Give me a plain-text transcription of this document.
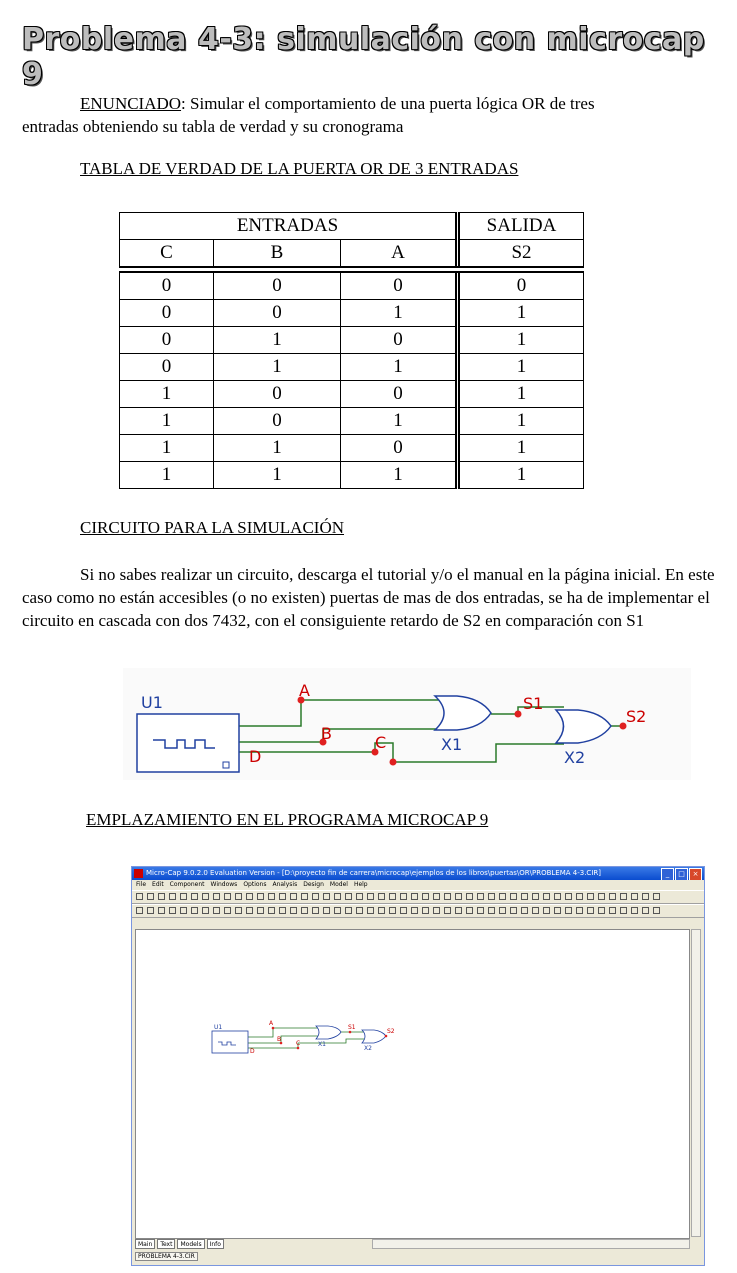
Problema 4-3: simulación con microcap 9
ENUNCIADO: Simular el comportamiento de una puerta lógica OR de tres
entradas obteniendo su tabla de verdad y su cronograma
TABLA DE VERDAD DE LA PUERTA OR DE 3 ENTRADAS
ENTRADAS			SALIDA
C	B	A	S2
0	0	0	0
0	0	1	1
0	1	0	1
0	1	1	1
1	0	0	1
1	0	1	1
1	1	0	1
1	1	1	1
CIRCUITO PARA LA SIMULACIÓN
Si no sabes realizar un circuito, descarga el tutorial y/o el manual en la página inicial. En este caso como no están accesibles (o no existen) puertas de mas de dos entradas, se ha de implementar el circuito en cascada con dos 7432, con el consiguiente retardo de S2 en comparación con S1
U1
A
B	C
D
S1
S2
X1
X2
EMPLAZAMIENTO EN EL PROGRAMA MICROCAP 9
Micro-Cap 9.0.2.0 Evaluation Version - [D:\proyecto fin de carrera\microcap\ejemplos de los libros\puertas\OR\PROBLEMA 4-3.CIR]	_	□	×
File Edit Component Windows Options Analysis Design Model Help
U1
A
B
C
D
S1
S2
X1
X2
Main	Text	Models	Info
PROBLEMA 4-3.CIR
